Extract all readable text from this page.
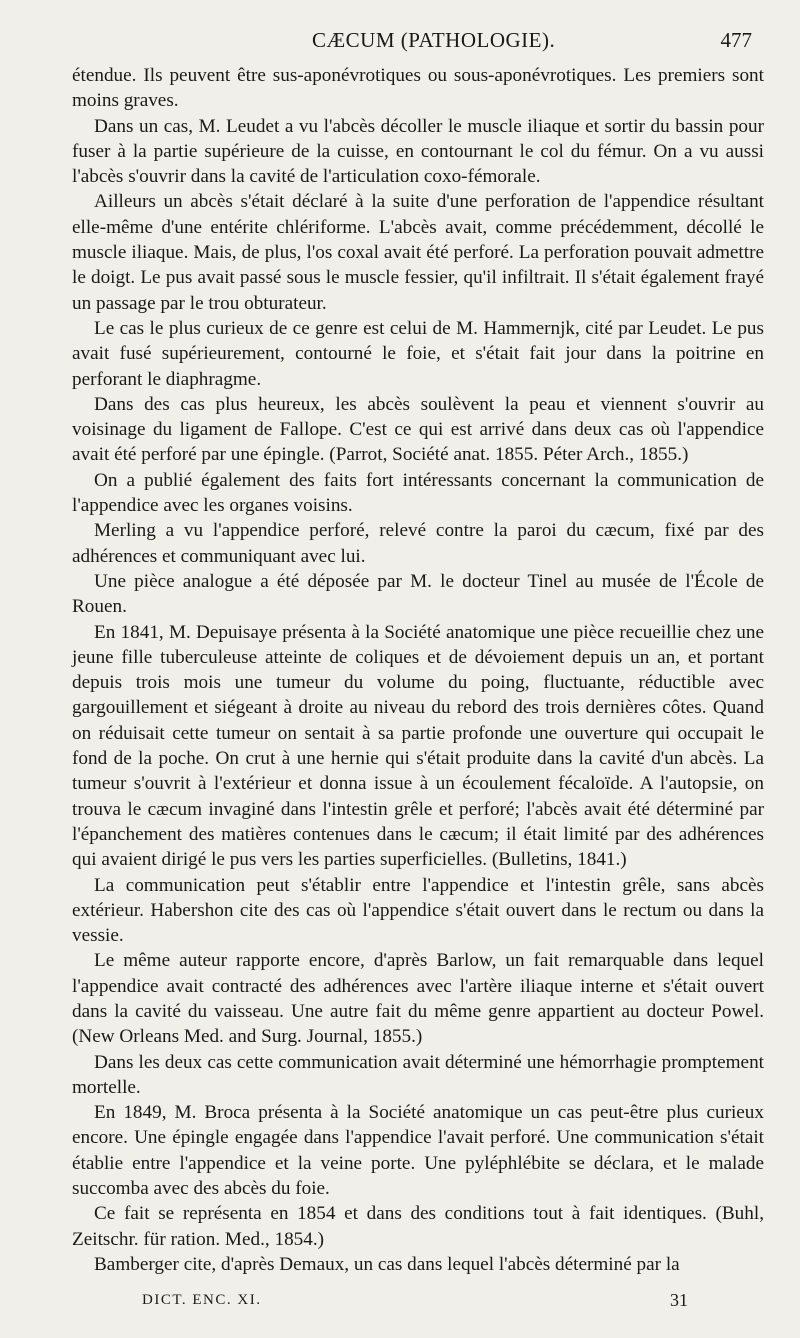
CÆCUM (PATHOLOGIE).	477

étendue. Ils peuvent être sus-aponévrotiques ou sous-aponévrotiques. Les premiers sont moins graves.

Dans un cas, M. Leudet a vu l'abcès décoller le muscle iliaque et sortir du bassin pour fuser à la partie supérieure de la cuisse, en contournant le col du fémur. On a vu aussi l'abcès s'ouvrir dans la cavité de l'articulation coxo-fémorale.

Ailleurs un abcès s'était déclaré à la suite d'une perforation de l'appendice résultant elle-même d'une entérite chlériforme. L'abcès avait, comme précédemment, décollé le muscle iliaque. Mais, de plus, l'os coxal avait été perforé. La perforation pouvait admettre le doigt. Le pus avait passé sous le muscle fessier, qu'il infiltrait. Il s'était également frayé un passage par le trou obturateur.

Le cas le plus curieux de ce genre est celui de M. Hammernjk, cité par Leudet. Le pus avait fusé supérieurement, contourné le foie, et s'était fait jour dans la poitrine en perforant le diaphragme.

Dans des cas plus heureux, les abcès soulèvent la peau et viennent s'ouvrir au voisinage du ligament de Fallope. C'est ce qui est arrivé dans deux cas où l'appendice avait été perforé par une épingle. (Parrot, Société anat. 1855. Péter Arch., 1855.)

On a publié également des faits fort intéressants concernant la communication de l'appendice avec les organes voisins.

Merling a vu l'appendice perforé, relevé contre la paroi du cæcum, fixé par des adhérences et communiquant avec lui.

Une pièce analogue a été déposée par M. le docteur Tinel au musée de l'École de Rouen.

En 1841, M. Depuisaye présenta à la Société anatomique une pièce recueillie chez une jeune fille tuberculeuse atteinte de coliques et de dévoiement depuis un an, et portant depuis trois mois une tumeur du volume du poing, fluctuante, réductible avec gargouillement et siégeant à droite au niveau du rebord des trois dernières côtes. Quand on réduisait cette tumeur on sentait à sa partie profonde une ouverture qui occupait le fond de la poche. On crut à une hernie qui s'était produite dans la cavité d'un abcès. La tumeur s'ouvrit à l'extérieur et donna issue à un écoulement fécaloïde. A l'autopsie, on trouva le cæcum invaginé dans l'intestin grêle et perforé; l'abcès avait été déterminé par l'épanchement des matières contenues dans le cæcum; il était limité par des adhérences qui avaient dirigé le pus vers les parties superficielles. (Bulletins, 1841.)

La communication peut s'établir entre l'appendice et l'intestin grêle, sans abcès extérieur. Habershon cite des cas où l'appendice s'était ouvert dans le rectum ou dans la vessie.

Le même auteur rapporte encore, d'après Barlow, un fait remarquable dans lequel l'appendice avait contracté des adhérences avec l'artère iliaque interne et s'était ouvert dans la cavité du vaisseau. Une autre fait du même genre appartient au docteur Powel. (New Orleans Med. and Surg. Journal, 1855.)

Dans les deux cas cette communication avait déterminé une hémorrhagie promptement mortelle.

En 1849, M. Broca présenta à la Société anatomique un cas peut-être plus curieux encore. Une épingle engagée dans l'appendice l'avait perforé. Une communication s'était établie entre l'appendice et la veine porte. Une pyléphlébite se déclara, et le malade succomba avec des abcès du foie.

Ce fait se représenta en 1854 et dans des conditions tout à fait identiques. (Buhl, Zeitschr. für ration. Med., 1854.)

Bamberger cite, d'après Demaux, un cas dans lequel l'abcès déterminé par la

DICT. ENC. XI.	31
